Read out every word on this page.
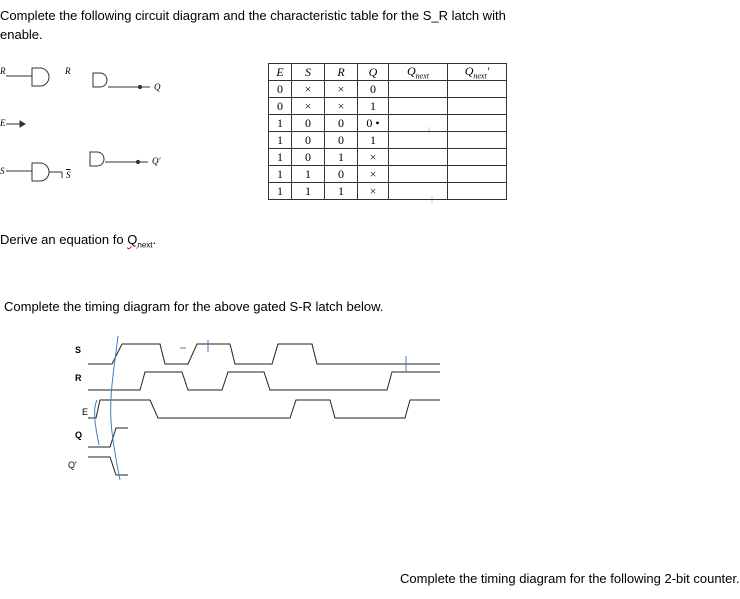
Complete the following circuit diagram and the characteristic table for the S_R latch with enable.
R	R
Q
E
S	$\overline{S}$
Q'
E	S	R	Q	$Q_{next}$	$Q_{next}'$
0	×	×	0		
0	×	×	1		
1	0	0	0 •		
1	0	0	1		
1	0	1	×		
1	1	0	×		
1	1	1	×		
Derive an equation fo $Q_{next}$.
Complete the timing diagram for the above gated S-R latch below.
S
R
E
Q
Q'
Complete the timing diagram for the following 2-bit counter.
